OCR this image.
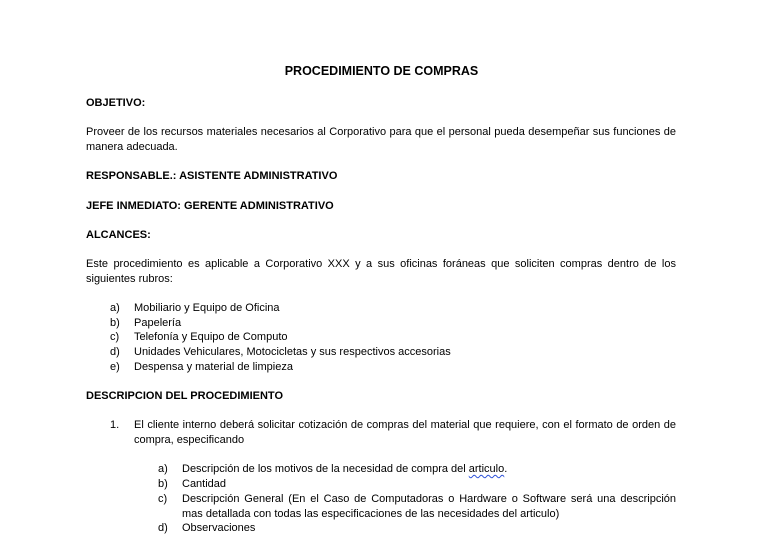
PROCEDIMIENTO DE COMPRAS
OBJETIVO:
Proveer de los recursos materiales necesarios al Corporativo para que el personal pueda desempeñar sus funciones de manera adecuada.
RESPONSABLE.: ASISTENTE ADMINISTRATIVO
JEFE INMEDIATO: GERENTE ADMINISTRATIVO
ALCANCES:
Este procedimiento es aplicable a Corporativo XXX y a sus oficinas foráneas que soliciten compras dentro de los siguientes rubros:
a) Mobiliario y Equipo de Oficina
b) Papelería
c) Telefonía y Equipo de Computo
d) Unidades Vehiculares, Motocicletas y sus respectivos accesorias
e) Despensa y material de limpieza
DESCRIPCION DEL PROCEDIMIENTO
1. El cliente interno deberá solicitar cotización de compras del material que requiere, con el formato de orden de compra, especificando
a) Descripción de los motivos de la necesidad de compra del articulo.
b) Cantidad
c) Descripción General (En el Caso de Computadoras o Hardware o Software será una descripción mas detallada con todas las especificaciones de las necesidades del articulo)
d) Observaciones
